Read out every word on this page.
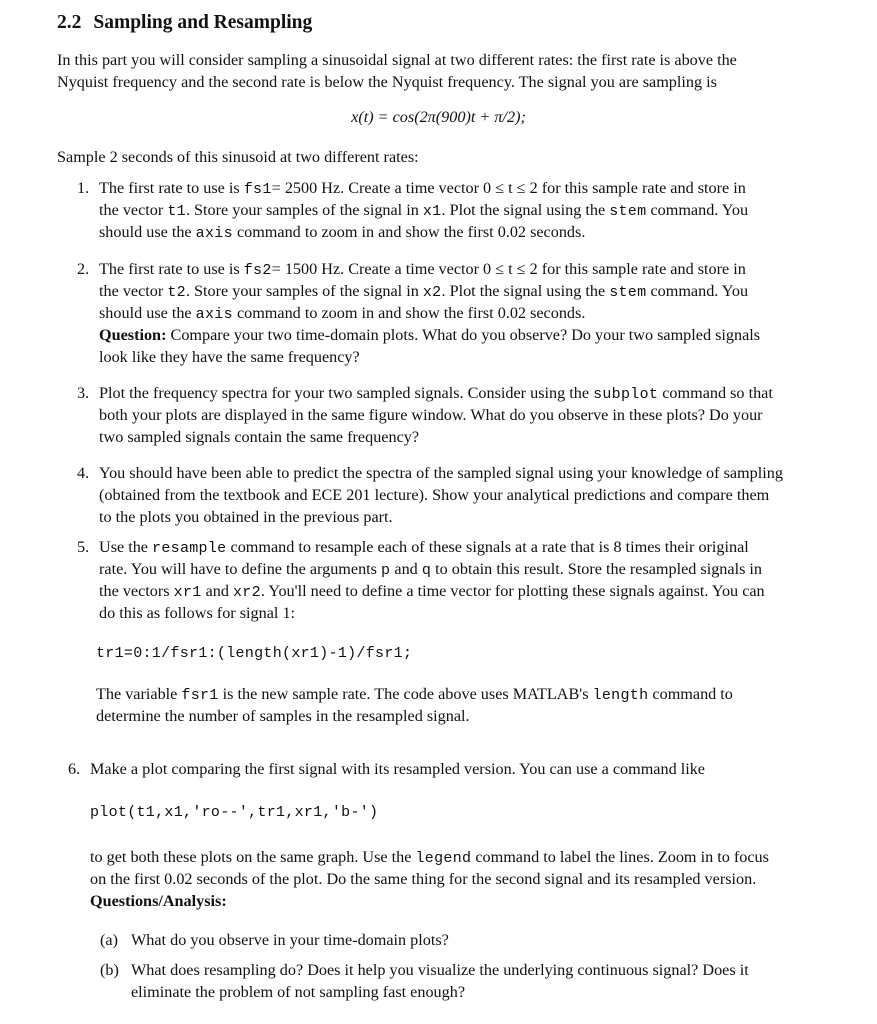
2.2 Sampling and Resampling
In this part you will consider sampling a sinusoidal signal at two different rates: the first rate is above the
Nyquist frequency and the second rate is below the Nyquist frequency. The signal you are sampling is
x(t) = cos(2π(900)t + π/2);
Sample 2 seconds of this sinusoid at two different rates:
1. The first rate to use is fs1= 2500 Hz. Create a time vector 0 ≤ t ≤ 2 for this sample rate and store in
the vector t1. Store your samples of the signal in x1. Plot the signal using the stem command. You
should use the axis command to zoom in and show the first 0.02 seconds.
2. The first rate to use is fs2= 1500 Hz. Create a time vector 0 ≤ t ≤ 2 for this sample rate and store in
the vector t2. Store your samples of the signal in x2. Plot the signal using the stem command. You
should use the axis command to zoom in and show the first 0.02 seconds.
Question: Compare your two time-domain plots. What do you observe? Do your two sampled signals
look like they have the same frequency?
3. Plot the frequency spectra for your two sampled signals. Consider using the subplot command so that
both your plots are displayed in the same figure window. What do you observe in these plots? Do your
two sampled signals contain the same frequency?
4. You should have been able to predict the spectra of the sampled signal using your knowledge of sampling
(obtained from the textbook and ECE 201 lecture). Show your analytical predictions and compare them
to the plots you obtained in the previous part.
5. Use the resample command to resample each of these signals at a rate that is 8 times their original
rate. You will have to define the arguments p and q to obtain this result. Store the resampled signals in
the vectors xr1 and xr2. You'll need to define a time vector for plotting these signals against. You can
do this as follows for signal 1:
tr1=0:1/fsr1:(length(xr1)-1)/fsr1;
The variable fsr1 is the new sample rate. The code above uses MATLAB's length command to
determine the number of samples in the resampled signal.
6. Make a plot comparing the first signal with its resampled version. You can use a command like
plot(t1,x1,'ro--',tr1,xr1,'b-')
to get both these plots on the same graph. Use the legend command to label the lines. Zoom in to focus
on the first 0.02 seconds of the plot. Do the same thing for the second signal and its resampled version.
Questions/Analysis:
(a) What do you observe in your time-domain plots?
(b) What does resampling do? Does it help you visualize the underlying continuous signal? Does it
eliminate the problem of not sampling fast enough?
